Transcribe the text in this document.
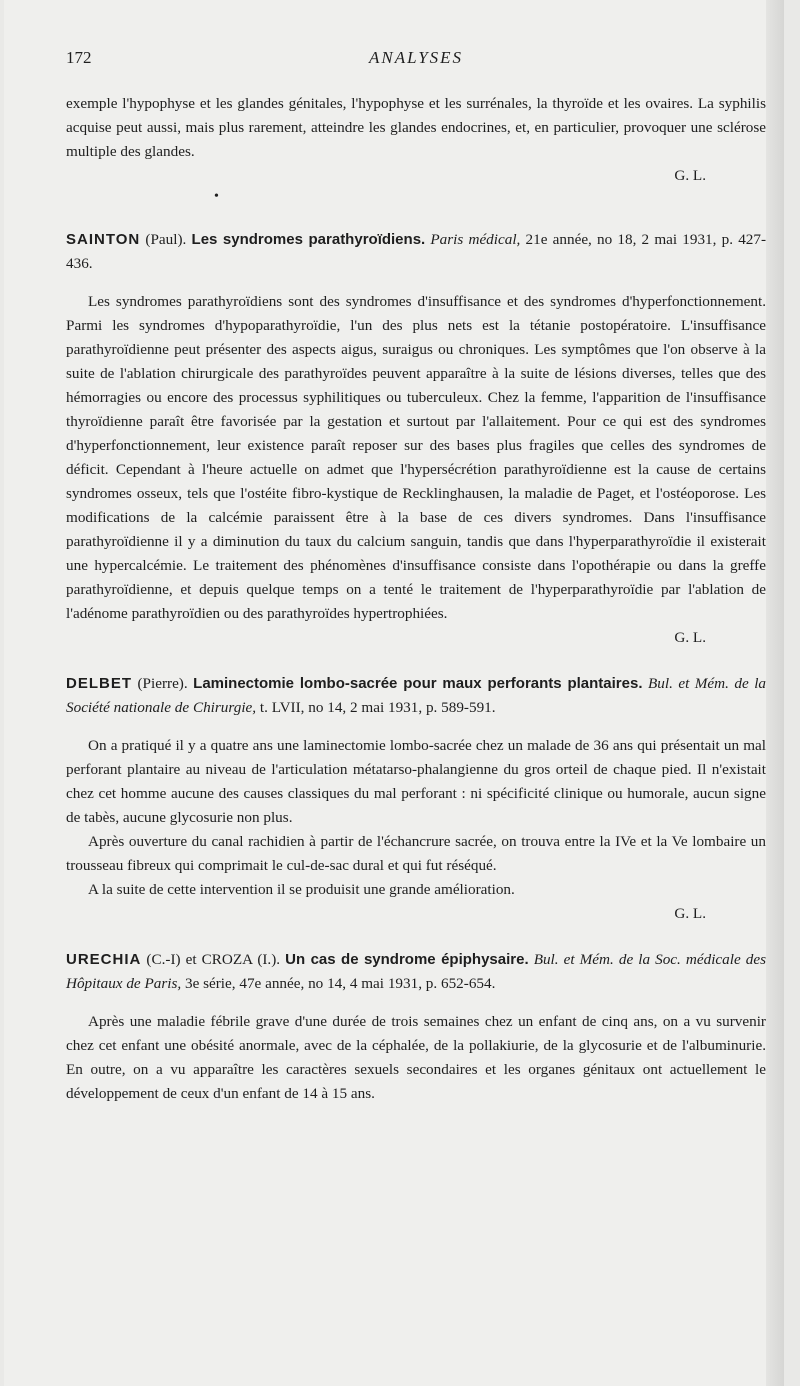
172	ANALYSES

exemple l'hypophyse et les glandes génitales, l'hypophyse et les surrénales, la thyroïde et les ovaires. La syphilis acquise peut aussi, mais plus rarement, atteindre les glandes endocrines, et, en particulier, provoquer une sclérose multiple des glandes.

G. L.
•

SAINTON (Paul). Les syndromes parathyroïdiens. Paris médical, 21e année, no 18, 2 mai 1931, p. 427-436.

Les syndromes parathyroïdiens sont des syndromes d'insuffisance et des syndromes d'hyperfonctionnement. Parmi les syndromes d'hypoparathyroïdie, l'un des plus nets est la tétanie postopératoire. L'insuffisance parathyroïdienne peut présenter des aspects aigus, suraigus ou chroniques. Les symptômes que l'on observe à la suite de l'ablation chirurgicale des parathyroïdes peuvent apparaître à la suite de lésions diverses, telles que des hémorragies ou encore des processus syphilitiques ou tuberculeux. Chez la femme, l'apparition de l'insuffisance thyroïdienne paraît être favorisée par la gestation et surtout par l'allaitement. Pour ce qui est des syndromes d'hyperfonctionnement, leur existence paraît reposer sur des bases plus fragiles que celles des syndromes de déficit. Cependant à l'heure actuelle on admet que l'hypersécrétion parathyroïdienne est la cause de certains syndromes osseux, tels que l'ostéite fibro-kystique de Recklinghausen, la maladie de Paget, et l'ostéoporose. Les modifications de la calcémie paraissent être à la base de ces divers syndromes. Dans l'insuffisance parathyroïdienne il y a diminution du taux du calcium sanguin, tandis que dans l'hyperparathyroïdie il existerait une hypercalcémie. Le traitement des phénomènes d'insuffisance consiste dans l'opothérapie ou dans la greffe parathyroïdienne, et depuis quelque temps on a tenté le traitement de l'hyperparathyroïdie par l'ablation de l'adénome parathyroïdien ou des parathyroïdes hypertrophiées.

G. L.

DELBET (Pierre). Laminectomie lombo-sacrée pour maux perforants plantaires. Bul. et Mém. de la Société nationale de Chirurgie, t. LVII, no 14, 2 mai 1931, p. 589-591.

On a pratiqué il y a quatre ans une laminectomie lombo-sacrée chez un malade de 36 ans qui présentait un mal perforant plantaire au niveau de l'articulation métatarso-phalangienne du gros orteil de chaque pied. Il n'existait chez cet homme aucune des causes classiques du mal perforant : ni spécificité clinique ou humorale, aucun signe de tabès, aucune glycosurie non plus.

Après ouverture du canal rachidien à partir de l'échancrure sacrée, on trouva entre la IVe et la Ve lombaire un trousseau fibreux qui comprimait le cul-de-sac dural et qui fut réséqué.

A la suite de cette intervention il se produisit une grande amélioration.

G. L.

URECHIA (C.-I) et CROZA (I.). Un cas de syndrome épiphysaire. Bul. et Mém. de la Soc. médicale des Hôpitaux de Paris, 3e série, 47e année, no 14, 4 mai 1931, p. 652-654.

Après une maladie fébrile grave d'une durée de trois semaines chez un enfant de cinq ans, on a vu survenir chez cet enfant une obésité anormale, avec de la céphalée, de la pollakiurie, de la glycosurie et de l'albuminurie. En outre, on a vu apparaître les caractères sexuels secondaires et les organes génitaux ont actuellement le développement de ceux d'un enfant de 14 à 15 ans.
